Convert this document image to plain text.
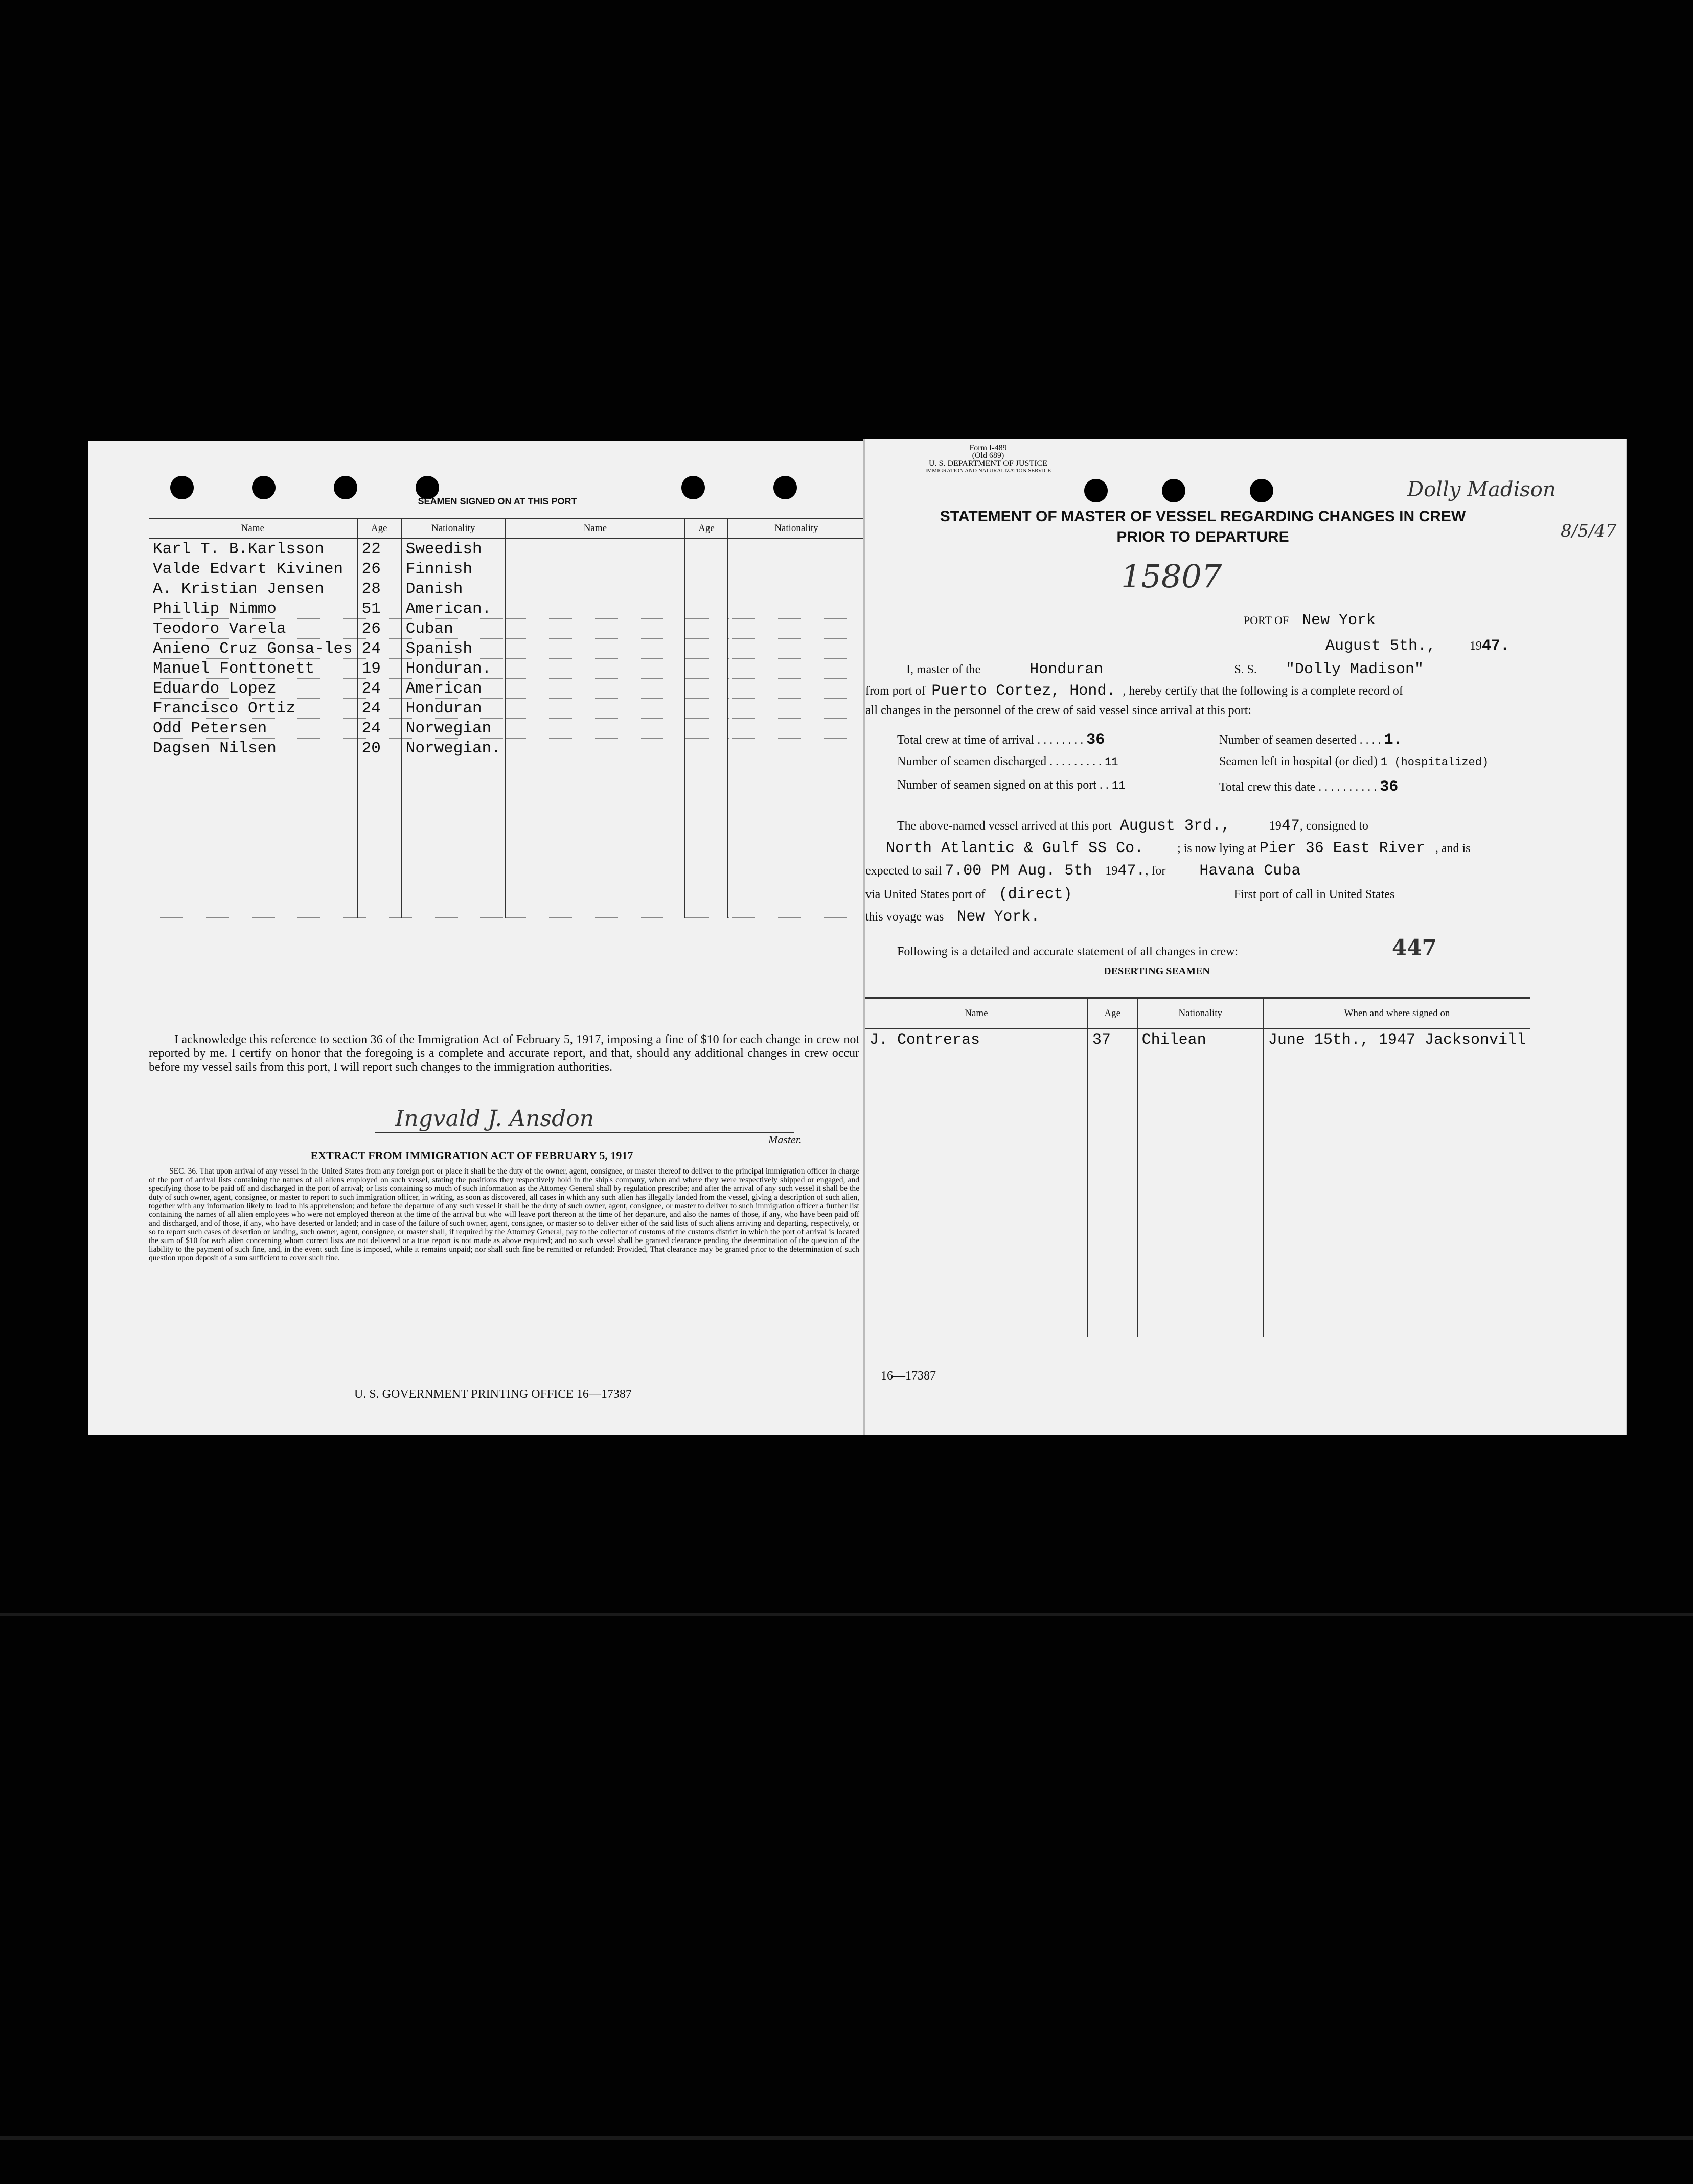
SEAMEN SIGNED ON AT THIS PORT
Name	Age	Nationality	Name	Age	Nationality
Karl T. B.Karlsson	22	Sweedish			
Valde Edvart Kivinen	26	Finnish			
A. Kristian Jensen	28	Danish			
Phillip Nimmo	51	American.			
Teodoro Varela	26	Cuban			
Anieno Cruz Gonsa-les	24	Spanish			
Manuel Fonttonett	19	Honduran.			
Eduardo Lopez	24	American			
Francisco Ortiz	24	Honduran			
Odd Petersen	24	Norwegian			
Dagsen Nilsen	20	Norwegian.			

I acknowledge this reference to section 36 of the Immigration Act of February 5, 1917, imposing a fine of $10 for each change in crew not reported by me. I certify on honor that the foregoing is a complete and accurate report, and that, should any additional changes in crew occur before my vessel sails from this port, I will report such changes to the immigration authorities.
Ingvald J. Ansdon
Master.
EXTRACT FROM IMMIGRATION ACT OF FEBRUARY 5, 1917
SEC. 36. That upon arrival of any vessel in the United States from any foreign port or place it shall be the duty of the owner, agent, consignee, or master thereof to deliver to the principal immigration officer in charge of the port of arrival lists containing the names of all aliens employed on such vessel, stating the positions they respectively hold in the ship's company, when and where they were respectively shipped or engaged, and specifying those to be paid off and discharged in the port of arrival; or lists containing so much of such information as the Attorney General shall by regulation prescribe; and after the arrival of any such vessel it shall be the duty of such owner, agent, consignee, or master to report to such immigration officer, in writing, as soon as discovered, all cases in which any such alien has illegally landed from the vessel, giving a description of such alien, together with any information likely to lead to his apprehension; and before the departure of any such vessel it shall be the duty of such owner, agent, consignee, or master to deliver to such immigration officer a further list containing the names of all alien employees who were not employed thereon at the time of the arrival but who will leave port thereon at the time of her departure, and also the names of those, if any, who have been paid off and discharged, and of those, if any, who have deserted or landed; and in case of the failure of such owner, agent, consignee, or master so to deliver either of the said lists of such aliens arriving and departing, respectively, or so to report such cases of desertion or landing, such owner, agent, consignee, or master shall, if required by the Attorney General, pay to the collector of customs of the customs district in which the port of arrival is located the sum of $10 for each alien concerning whom correct lists are not delivered or a true report is not made as above required; and no such vessel shall be granted clearance pending the determination of the question of the liability to the payment of such fine, and, in the event such fine is imposed, while it remains unpaid; nor shall such fine be remitted or refunded: Provided, That clearance may be granted prior to the determination of such question upon deposit of a sum sufficient to cover such fine.
U. S. GOVERNMENT PRINTING OFFICE 16—17387
Form I-489
(Old 689)
U. S. DEPARTMENT OF JUSTICE
IMMIGRATION AND NATURALIZATION SERVICE
Dolly Madison
8/5/47
STATEMENT OF MASTER OF VESSEL REGARDING CHANGES IN CREW
PRIOR TO DEPARTURE
15807
PORT OF New York
August 5th.,	1947.
I, master of the	Honduran	S. S. "Dolly Madison"
from port of Puerto Cortez, Hond. , hereby certify that the following is a complete record of
all changes in the personnel of the crew of said vessel since arrival at this port:
Total crew at time of arrival . . . . . . . . 36	Number of seamen deserted . . . . 1.
Number of seamen discharged . . . . . . . . . 11	Seamen left in hospital (or died) 1 (hospitalized)
Number of seamen signed on at this port . . 11	Total crew this date . . . . . . . . . . 36
The above-named vessel arrived at this port August 3rd.,	1947, consigned to
North Atlantic & Gulf SS Co.	; is now lying at Pier 36 East River , and is
expected to sail 7.00 PM Aug. 5th 1947., for Havana Cuba
via United States port of (direct)	First port of call in United States
this voyage was New York.
Following is a detailed and accurate statement of all changes in crew:	447
DESERTING SEAMEN
Name	Age	Nationality	When and where signed on
J. Contreras	37	Chilean	June 15th., 1947 Jacksonvill

16—17387
